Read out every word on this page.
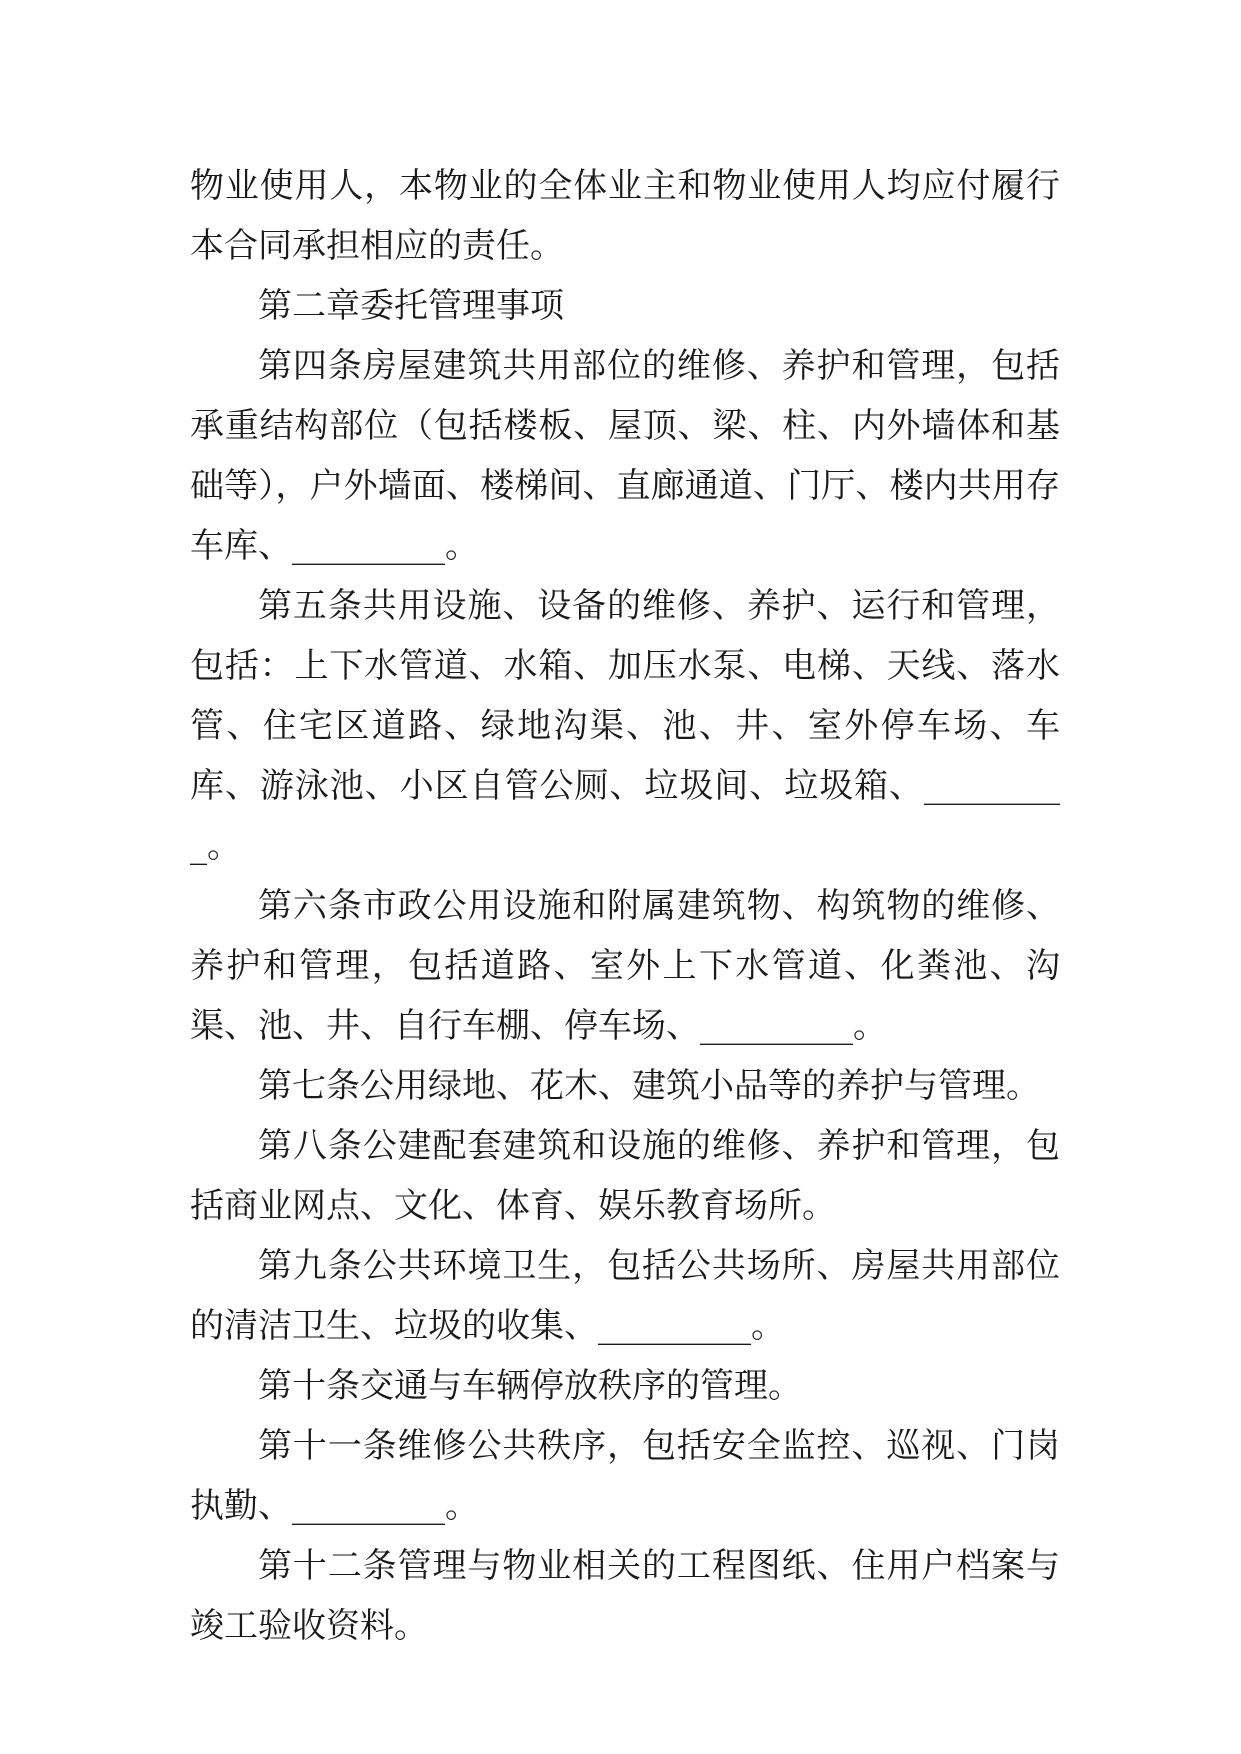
物业使用人，本物业的全体业主和物业使用人均应付履行本合同承担相应的责任。

第二章委托管理事项

第四条房屋建筑共用部位的维修、养护和管理，包括承重结构部位（包括楼板、屋顶、梁、柱、内外墙体和基础等），户外墙面、楼梯间、直廊通道、门厅、楼内共用存车库、_________。

第五条共用设施、设备的维修、养护、运行和管理，包括：上下水管道、水箱、加压水泵、电梯、天线、落水管、住宅区道路、绿地沟渠、池、井、室外停车场、车库、游泳池、小区自管公厕、垃圾间、垃圾箱、_________。

第六条市政公用设施和附属建筑物、构筑物的维修、养护和管理，包括道路、室外上下水管道、化粪池、沟渠、池、井、自行车棚、停车场、_________。

第七条公用绿地、花木、建筑小品等的养护与管理。

第八条公建配套建筑和设施的维修、养护和管理，包括商业网点、文化、体育、娱乐教育场所。

第九条公共环境卫生，包括公共场所、房屋共用部位的清洁卫生、垃圾的收集、_________。

第十条交通与车辆停放秩序的管理。

第十一条维修公共秩序，包括安全监控、巡视、门岗执勤、_________。

第十二条管理与物业相关的工程图纸、住用户档案与竣工验收资料。
